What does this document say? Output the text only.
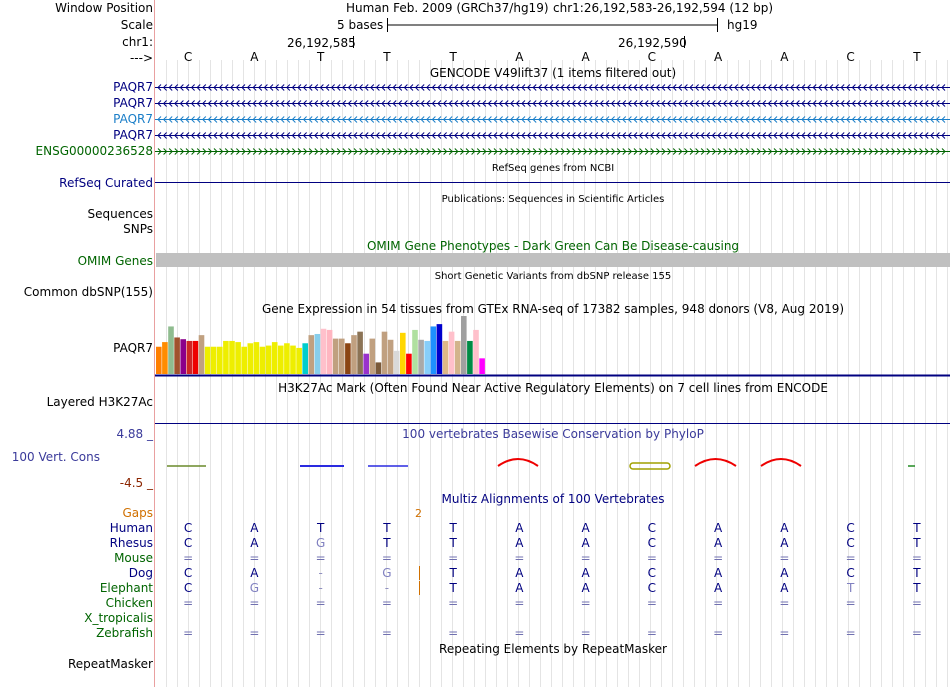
Window Position
Scale
chr1:
--->
Human Feb. 2009 (GRCh37/hg19) chr1:26,192,583-26,192,594 (12 bp)
5 bases	hg19
26,192,585	26,192,590
C	A	T	T	T	A	A	C	A	A	C	T
GENCODE V49lift37 (1 items filtered out)
PAQR7
PAQR7
PAQR7
PAQR7
ENSG00000236528
RefSeq genes from NCBI
RefSeq Curated
Publications: Sequences in Scientific Articles
Sequences
SNPs
OMIM Gene Phenotypes - Dark Green Can Be Disease-causing
OMIM Genes
Short Genetic Variants from dbSNP release 155
Common dbSNP(155)
Gene Expression in 54 tissues from GTEx RNA-seq of 17382 samples, 948 donors (V8, Aug 2019)
PAQR7
H3K27Ac Mark (Often Found Near Active Regulatory Elements) on 7 cell lines from ENCODE
Layered H3K27Ac
4.88 _	100 vertebrates Basewise Conservation by PhyloP
100 Vert. Cons
-4.5 _
Multiz Alignments of 100 Vertebrates
Gaps	2
Human	C	A	T	T	T	A	A	C	A	A	C	T
Rhesus	C	A	G	T	T	A	A	C	A	A	C	T
Mouse	=	=	=	=	=	=	=	=	=	=	=	=
Dog	C	A	-	G	T	A	A	C	A	A	C	T
Elephant	C	G	-	-	T	A	A	C	A	A	T	T
Chicken	=	=	=	=	=	=	=	=	=	=	=	=
X_tropicalis
Zebrafish	=	=	=	=	=	=	=	=	=	=	=	=
Repeating Elements by RepeatMasker
RepeatMasker
